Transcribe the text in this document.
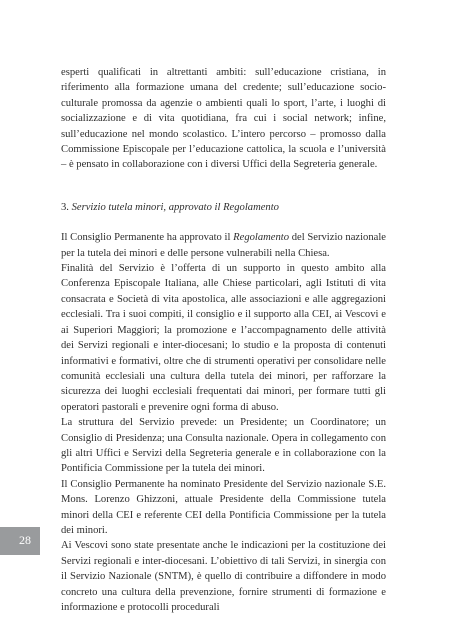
esperti qualificati in altrettanti ambiti: sull’educazione cristiana, in riferimento alla formazione umana del credente; sull’educazione socio-culturale promossa da agenzie o ambienti quali lo sport, l’arte, i luoghi di socializzazione e di vita quotidiana, fra cui i social network; infine, sull’educazione nel mondo scolastico. L’intero percorso – promosso dalla Commissione Episcopale per l’educazione cattolica, la scuola e l’università – è pensato in collaborazione con i diversi Uffici della Segreteria generale.

3. Servizio tutela minori, approvato il Regolamento

Il Consiglio Permanente ha approvato il Regolamento del Servizio nazionale per la tutela dei minori e delle persone vulnerabili nella Chiesa.

Finalità del Servizio è l’offerta di un supporto in questo ambito alla Conferenza Episcopale Italiana, alle Chiese particolari, agli Istituti di vita consacrata e Società di vita apostolica, alle associazioni e alle aggregazioni ecclesiali. Tra i suoi compiti, il consiglio e il supporto alla CEI, ai Vescovi e ai Superiori Maggiori; la promozione e l’accompagnamento delle attività dei Servizi regionali e inter-diocesani; lo studio e la proposta di contenuti informativi e formativi, oltre che di strumenti operativi per consolidare nelle comunità ecclesiali una cultura della tutela dei minori, per rafforzare la sicurezza dei luoghi ecclesiali frequentati dai minori, per formare tutti gli operatori pastorali e prevenire ogni forma di abuso.

La struttura del Servizio prevede: un Presidente; un Coordinatore; un Consiglio di Presidenza; una Consulta nazionale. Opera in collegamento con gli altri Uffici e Servizi della Segreteria generale e in collaborazione con la Pontificia Commissione per la tutela dei minori.

Il Consiglio Permanente ha nominato Presidente del Servizio nazionale S.E. Mons. Lorenzo Ghizzoni, attuale Presidente della Commissione tutela minori della CEI e referente CEI della Pontificia Commissione per la tutela dei minori.

Ai Vescovi sono state presentate anche le indicazioni per la costituzione dei Servizi regionali e inter-diocesani. L’obiettivo di tali Servizi, in sinergia con il Servizio Nazionale (SNTM), è quello di contribuire a diffondere in modo concreto una cultura della prevenzione, fornire strumenti di formazione e informazione e protocolli procedurali

28
